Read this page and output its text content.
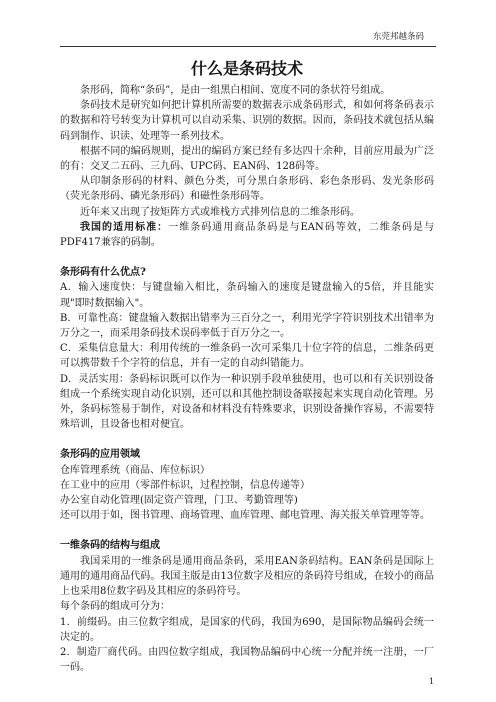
东莞邦越条码
什么是条码技术

条形码，简称“条码”，是由一组黑白相间、宽度不同的条状符号组成。

条码技术是研究如何把计算机所需要的数据表示成条码形式，和如何将条码表示的数据和符号转变为计算机可以自动采集、识别的数据。因而，条码技术就包括从编码到制作、识读、处理等一系列技术。

根据不同的编码规则，提出的编码方案已经有多达四十余种，目前应用最为广泛的有：交叉二五码、三九码、UPC码、EAN码、128码等。

从印制条形码的材料、颜色分类，可分黑白条形码、彩色条形码、发光条形码（荧光条形码、磷光条形码）和磁性条形码等。

近年来又出现了按矩阵方式或堆栈方式排列信息的二维条形码。

我国的适用标准：一维条码通用商品条码是与EAN码等效，二维条码是与PDF417兼容的码制。

条形码有什么优点?

A．输入速度快：与键盘输入相比，条码输入的速度是键盘输入的5倍，并且能实现"即时数据输入"。

B．可靠性高：键盘输入数据出错率为三百分之一，利用光学字符识别技术出错率为万分之一，而采用条码技术误码率低于百万分之一。

C．采集信息量大：利用传统的一维条码一次可采集几十位字符的信息，二维条码更可以携带数千个字符的信息，并有一定的自动纠错能力。

D．灵活实用：条码标识既可以作为一种识别手段单独使用，也可以和有关识别设备组成一个系统实现自动化识别，还可以和其他控制设备联接起来实现自动化管理。另外，条码标签易于制作，对设备和材料没有特殊要求，识别设备操作容易，不需要特殊培训，且设备也相对便宜。

条形码的应用领域

仓库管理系统（商品、库位标识）

在工业中的应用（零部件标识，过程控制，信息传递等）

办公室自动化管理(固定资产管理，门卫、考勤管理等)

还可以用于如，图书管理、商场管理、血库管理、邮电管理、海关报关单管理等等。

一维条码的结构与组成

我国采用的一维条码是通用商品条码，采用EAN条码结构。EAN条码是国际上通用的通用商品代码。我国主版是由13位数字及相应的条码符号组成，在较小的商品上也采用8位数字码及其相应的条码符号。

每个条码的组成可分为：

1．前缀码。由三位数字组成，是国家的代码，我国为690，是国际物品编码会统一决定的。

2．制造厂商代码。由四位数字组成，我国物品编码中心统一分配并统一注册，一厂一码。

1
